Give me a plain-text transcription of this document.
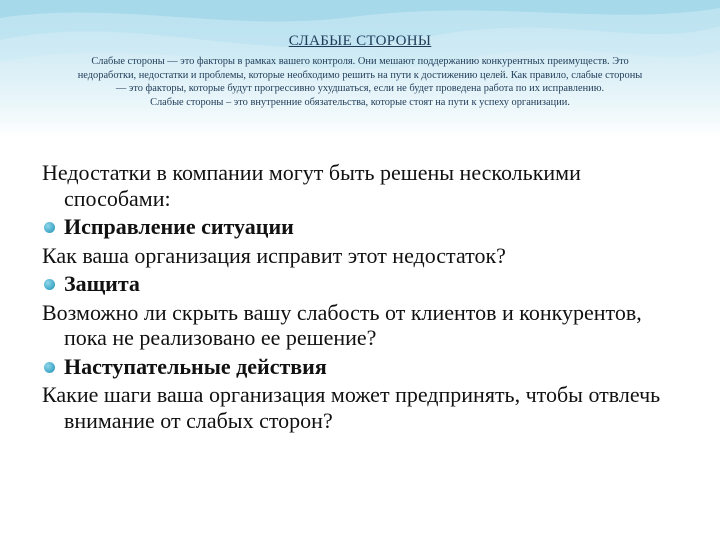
СЛАБЫЕ СТОРОНЫ

Слабые стороны — это факторы в рамках вашего контроля. Они мешают поддержанию конкурентных преимуществ. Это

недоработки, недостатки и проблемы, которые необходимо решить на пути к достижению целей. Как правило, слабые стороны

— это факторы, которые будут прогрессивно ухудшаться, если не будет проведена работа по их исправлению.

Слабые стороны – это внутренние обязательства, которые стоят на пути к успеху организации.

Недостатки в компании могут быть решены несколькими способами:

Исправление ситуации

Как ваша организация исправит этот недостаток?

Защита

Возможно ли скрыть вашу слабость от клиентов и конкурентов, пока не реализовано ее решение?

Наступательные действия

Какие шаги ваша организация может предпринять, чтобы отвлечь внимание от слабых сторон?
